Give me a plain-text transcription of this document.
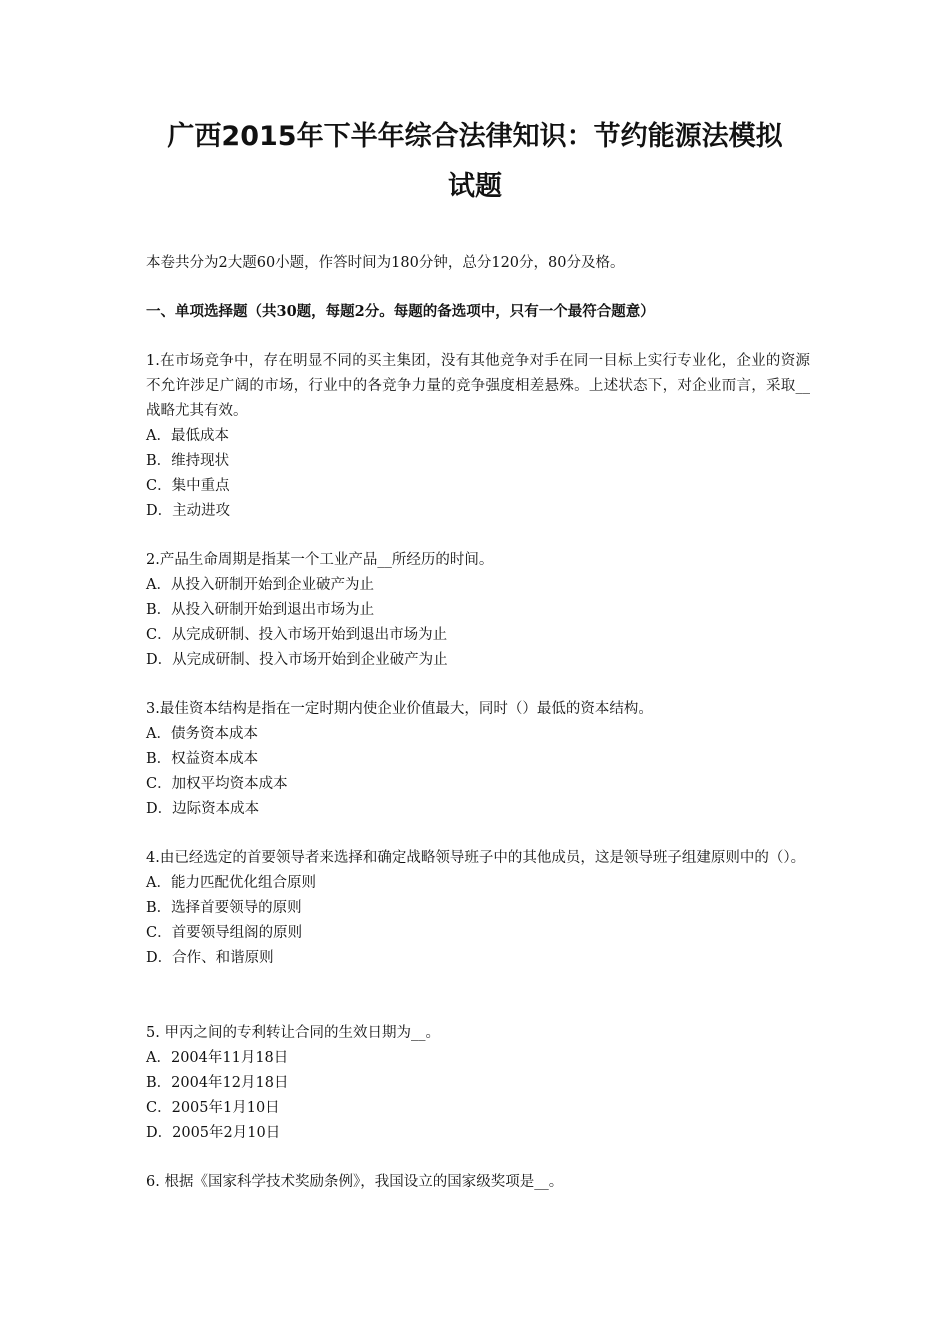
广西2015年下半年综合法律知识：节约能源法模拟
试题
本卷共分为2大题60小题，作答时间为180分钟，总分120分，80分及格。
一、单项选择题（共30题，每题2分。每题的备选项中，只有一个最符合题意）
1.在市场竞争中，存在明显不同的买主集团，没有其他竞争对手在同一目标上实行专业化，企业的资源不允许涉足广阔的市场，行业中的各竞争力量的竞争强度相差悬殊。上述状态下，对企业而言，采取__战略尤其有效。
A．最低成本
B．维持现状
C．集中重点
D．主动进攻
2.产品生命周期是指某一个工业产品__所经历的时间。
A．从投入研制开始到企业破产为止
B．从投入研制开始到退出市场为止
C．从完成研制、投入市场开始到退出市场为止
D．从完成研制、投入市场开始到企业破产为止
3.最佳资本结构是指在一定时期内使企业价值最大，同时（）最低的资本结构。
A．债务资本成本
B．权益资本成本
C．加权平均资本成本
D．边际资本成本
4.由已经选定的首要领导者来选择和确定战略领导班子中的其他成员，这是领导班子组建原则中的（）。
A．能力匹配优化组合原则
B．选择首要领导的原则
C．首要领导组阁的原则
D．合作、和谐原则
5. 甲丙之间的专利转让合同的生效日期为__。
A．2004年11月18日
B．2004年12月18日
C．2005年1月10日
D．2005年2月10日
6. 根据《国家科学技术奖励条例》，我国设立的国家级奖项是__。
